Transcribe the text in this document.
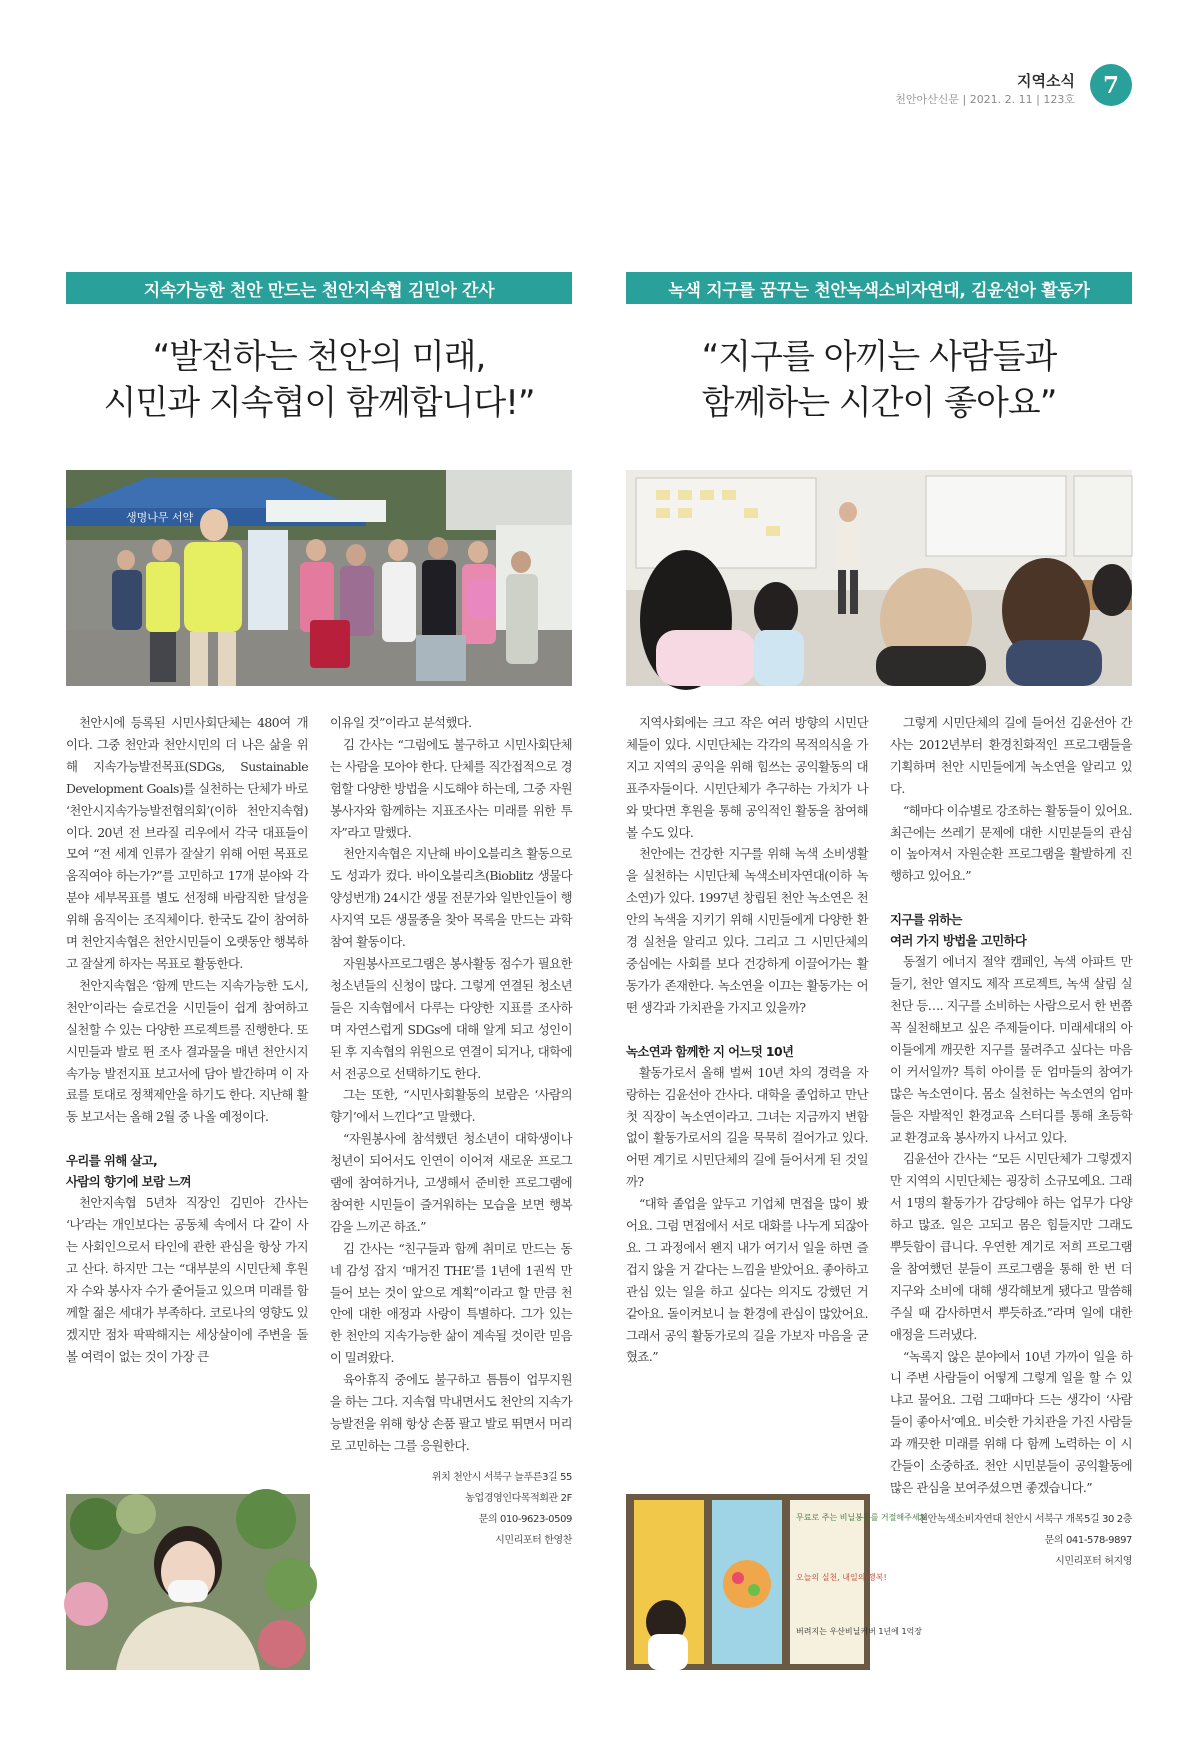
지역소식
천안아산신문 | 2021. 2. 11 | 123호
7
지속가능한 천안 만드는 천안지속협 김민아 간사
“발전하는 천안의 미래,
시민과 지속협이 함께합니다!”
생명나무 서약

천안시에 등록된 시민사회단체는 480여 개이다. 그중 천안과 천안시민의 더 나은 삶을 위해 지속가능발전목표(SDGs, Sustainable Development Goals)를 실천하는 단체가 바로 ‘천안시지속가능발전협의회’(이하 천안지속협)이다. 20년 전 브라질 리우에서 각국 대표들이 모여 “전 세계 인류가 잘살기 위해 어떤 목표로 움직여야 하는가?”를 고민하고 17개 분야와 각 분야 세부목표를 별도 선정해 바람직한 달성을 위해 움직이는 조직체이다. 한국도 같이 참여하며 천안지속협은 천안시민들이 오랫동안 행복하고 잘살게 하자는 목표로 활동한다.

천안지속협은 ‘함께 만드는 지속가능한 도시, 천안’이라는 슬로건을 시민들이 쉽게 참여하고 실천할 수 있는 다양한 프로젝트를 진행한다. 또 시민들과 발로 뛴 조사 결과물을 매년 천안시지속가능 발전지표 보고서에 담아 발간하며 이 자료를 토대로 정책제안을 하기도 한다. 지난해 활동 보고서는 올해 2월 중 나올 예정이다.

우리를 위해 살고,
사람의 향기에 보람 느껴

천안지속협 5년차 직장인 김민아 간사는 ‘나’라는 개인보다는 공동체 속에서 다 같이 사는 사회인으로서 타인에 관한 관심을 항상 가지고 산다. 하지만 그는 “대부분의 시민단체 후원자 수와 봉사자 수가 줄어들고 있으며 미래를 함께할 젊은 세대가 부족하다. 코로나의 영향도 있겠지만 점차 팍팍해지는 세상살이에 주변을 돌볼 여력이 없는 것이 가장 큰

이유일 것”이라고 분석했다.

김 간사는 “그럼에도 불구하고 시민사회단체는 사람을 모아야 한다. 단체를 직간접적으로 경험할 다양한 방법을 시도해야 하는데, 그중 자원봉사자와 함께하는 지표조사는 미래를 위한 투자”라고 말했다.

천안지속협은 지난해 바이오블리츠 활동으로도 성과가 컸다. 바이오블리츠(Bioblitz 생물다양성번개) 24시간 생물 전문가와 일반인들이 행사지역 모든 생물종을 찾아 목록을 만드는 과학참여 활동이다.

자원봉사프로그램은 봉사활동 점수가 필요한 청소년들의 신청이 많다. 그렇게 연결된 청소년들은 지속협에서 다루는 다양한 지표를 조사하며 자연스럽게 SDGs에 대해 알게 되고 성인이 된 후 지속협의 위원으로 연결이 되거나, 대학에서 전공으로 선택하기도 한다.

그는 또한, “시민사회활동의 보람은 ‘사람의 향기’에서 느낀다”고 말했다.

“자원봉사에 참석했던 청소년이 대학생이나 청년이 되어서도 인연이 이어져 새로운 프로그램에 참여하거나, 고생해서 준비한 프로그램에 참여한 시민들이 즐거워하는 모습을 보면 행복감을 느끼곤 하죠.”

김 간사는 “친구들과 함께 취미로 만드는 동네 감성 잡지 ‘매거진 THE’를 1년에 1권씩 만들어 보는 것이 앞으로 계획”이라고 할 만큼 천안에 대한 애정과 사랑이 특별하다. 그가 있는 한 천안의 지속가능한 삶이 계속될 것이란 믿음이 밀려왔다.

육아휴직 중에도 불구하고 틈틈이 업무지원을 하는 그다. 지속협 막내면서도 천안의 지속가능발전을 위해 항상 손품 팔고 발로 뛰면서 머리로 고민하는 그를 응원한다.

위치 천안시 서북구 늘푸른3길 55
농업경영인다목적회관 2F
문의 010-9623-0509
시민리포터 한영찬
녹색 지구를 꿈꾸는 천안녹색소비자연대, 김윤선아 활동가
“지구를 아끼는 사람들과
함께하는 시간이 좋아요”

지역사회에는 크고 작은 여러 방향의 시민단체들이 있다. 시민단체는 각각의 목적의식을 가지고 지역의 공익을 위해 힘쓰는 공익활동의 대표주자들이다. 시민단체가 추구하는 가치가 나와 맞다면 후원을 통해 공익적인 활동을 참여해 볼 수도 있다.

천안에는 건강한 지구를 위해 녹색 소비생활을 실천하는 시민단체 녹색소비자연대(이하 녹소연)가 있다. 1997년 창립된 천안 녹소연은 천안의 녹색을 지키기 위해 시민들에게 다양한 환경 실천을 알리고 있다. 그리고 그 시민단체의 중심에는 사회를 보다 건강하게 이끌어가는 활동가가 존재한다. 녹소연을 이끄는 활동가는 어떤 생각과 가치관을 가지고 있을까?

녹소연과 함께한 지 어느덧 10년

활동가로서 올해 벌써 10년 차의 경력을 자랑하는 김윤선아 간사다. 대학을 졸업하고 만난 첫 직장이 녹소연이라고. 그녀는 지금까지 변함없이 활동가로서의 길을 묵묵히 걸어가고 있다. 어떤 계기로 시민단체의 길에 들어서게 된 것일까?

“대학 졸업을 앞두고 기업체 면접을 많이 봤어요. 그럼 면접에서 서로 대화를 나누게 되잖아요. 그 과정에서 왠지 내가 여기서 일을 하면 즐겁지 않을 거 같다는 느낌을 받았어요. 좋아하고 관심 있는 일을 하고 싶다는 의지도 강했던 거 같아요. 돌이켜보니 늘 환경에 관심이 많았어요. 그래서 공익 활동가로의 길을 가보자 마음을 굳혔죠.”

그렇게 시민단체의 길에 들어선 김윤선아 간사는 2012년부터 환경친화적인 프로그램들을 기획하며 천안 시민들에게 녹소연을 알리고 있다.

“해마다 이슈별로 강조하는 활동들이 있어요. 최근에는 쓰레기 문제에 대한 시민분들의 관심이 높아져서 자원순환 프로그램을 활발하게 진행하고 있어요.”

지구를 위하는
여러 가지 방법을 고민하다

동절기 에너지 절약 캠페인, 녹색 아파트 만들기, 천안 열지도 제작 프로젝트, 녹색 살림 실천단 등…. 지구를 소비하는 사람으로서 한 번쯤 꼭 실천해보고 싶은 주제들이다. 미래세대의 아이들에게 깨끗한 지구를 물려주고 싶다는 마음이 커서일까? 특히 아이를 둔 엄마들의 참여가 많은 녹소연이다. 몸소 실천하는 녹소연의 엄마들은 자발적인 환경교육 스터디를 통해 초등학교 환경교육 봉사까지 나서고 있다.

김윤선아 간사는 “모든 시민단체가 그렇겠지만 지역의 시민단체는 굉장히 소규모예요. 그래서 1명의 활동가가 감당해야 하는 업무가 다양하고 많죠. 일은 고되고 몸은 힘들지만 그래도 뿌듯함이 큽니다. 우연한 계기로 저희 프로그램을 참여했던 분들이 프로그램을 통해 한 번 더 지구와 소비에 대해 생각해보게 됐다고 말씀해주실 때 감사하면서 뿌듯하죠.”라며 일에 대한 애정을 드러냈다.

“녹록지 않은 분야에서 10년 가까이 일을 하니 주변 사람들이 어떻게 그렇게 일을 할 수 있냐고 물어요. 그럼 그때마다 드는 생각이 ‘사람들이 좋아서’예요. 비슷한 가치관을 가진 사람들과 깨끗한 미래를 위해 다 함께 노력하는 이 시간들이 소중하죠. 천안 시민분들이 공익활동에 많은 관심을 보여주셨으면 좋겠습니다.”

천안녹색소비자연대 천안시 서북구 개목5길 30 2층
문의 041-578-9897
시민리포터 허지영
무료로 주는 비닐봉투를 거절해주세요
오늘의 실천, 내일의 행복!
버려지는 우산비닐커버 1년에 1억장
